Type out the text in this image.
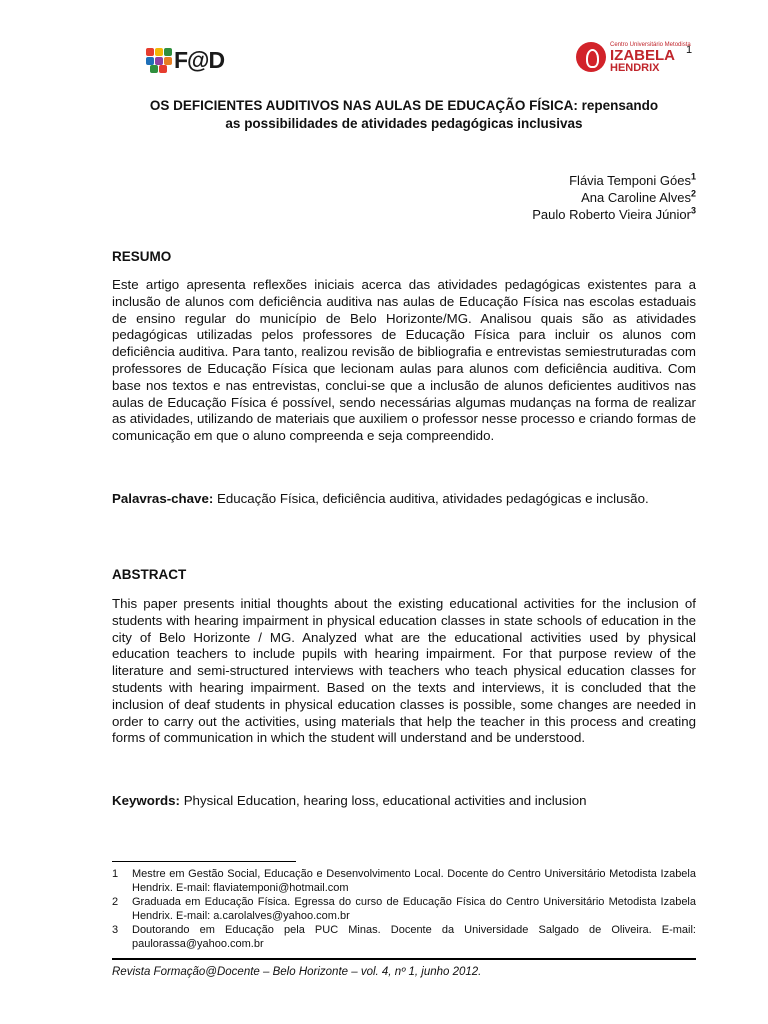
1
F@D
Centro Universitário Metodista
IZABELA
HENDRIX
OS DEFICIENTES AUDITIVOS NAS AULAS DE EDUCAÇÃO FÍSICA: repensando
as possibilidades de atividades pedagógicas inclusivas
Flávia Temponi Góes$^1$
Ana Caroline Alves$^2$
Paulo Roberto Vieira Júnior$^3$
RESUMO

Este artigo apresenta reflexões iniciais acerca das atividades pedagógicas existentes para a inclusão de alunos com deficiência auditiva nas aulas de Educação Física nas escolas estaduais de ensino regular do município de Belo Horizonte/MG. Analisou quais são as atividades pedagógicas utilizadas pelos professores de Educação Física para incluir os alunos com deficiência auditiva. Para tanto, realizou revisão de bibliografia e entrevistas semiestruturadas com professores de Educação Física que lecionam aulas para alunos com deficiência auditiva. Com base nos textos e nas entrevistas, conclui-se que a inclusão de alunos deficientes auditivos nas aulas de Educação Física é possível, sendo necessárias algumas mudanças na forma de realizar as atividades, utilizando de materiais que auxiliem o professor nesse processo e criando formas de comunicação em que o aluno compreenda e seja compreendido.

Palavras-chave: Educação Física, deficiência auditiva, atividades pedagógicas e inclusão.

ABSTRACT

This paper presents initial thoughts about the existing educational activities for the inclusion of students with hearing impairment in physical education classes in state schools of education in the city of Belo Horizonte / MG. Analyzed what are the educational activities used by physical education teachers to include pupils with hearing impairment. For that purpose review of the literature and semi-structured interviews with teachers who teach physical education classes for students with hearing impairment. Based on the texts and interviews, it is concluded that the inclusion of deaf students in physical education classes is possible, some changes are needed in order to carry out the activities, using materials that help the teacher in this process and creating forms of communication in which the student will understand and be understood.

Keywords: Physical Education, hearing loss, educational activities and inclusion

1 Mestre em Gestão Social, Educação e Desenvolvimento Local. Docente do Centro Universitário Metodista Izabela Hendrix. E-mail: flaviatemponi@hotmail.com
2 Graduada em Educação Física. Egressa do curso de Educação Física do Centro Universitário Metodista Izabela Hendrix. E-mail: a.carolalves@yahoo.com.br
3 Doutorando em Educação pela PUC Minas. Docente da Universidade Salgado de Oliveira. E-mail: paulorassa@yahoo.com.br
Revista Formação@Docente – Belo Horizonte – vol. 4, nº 1, junho 2012.
